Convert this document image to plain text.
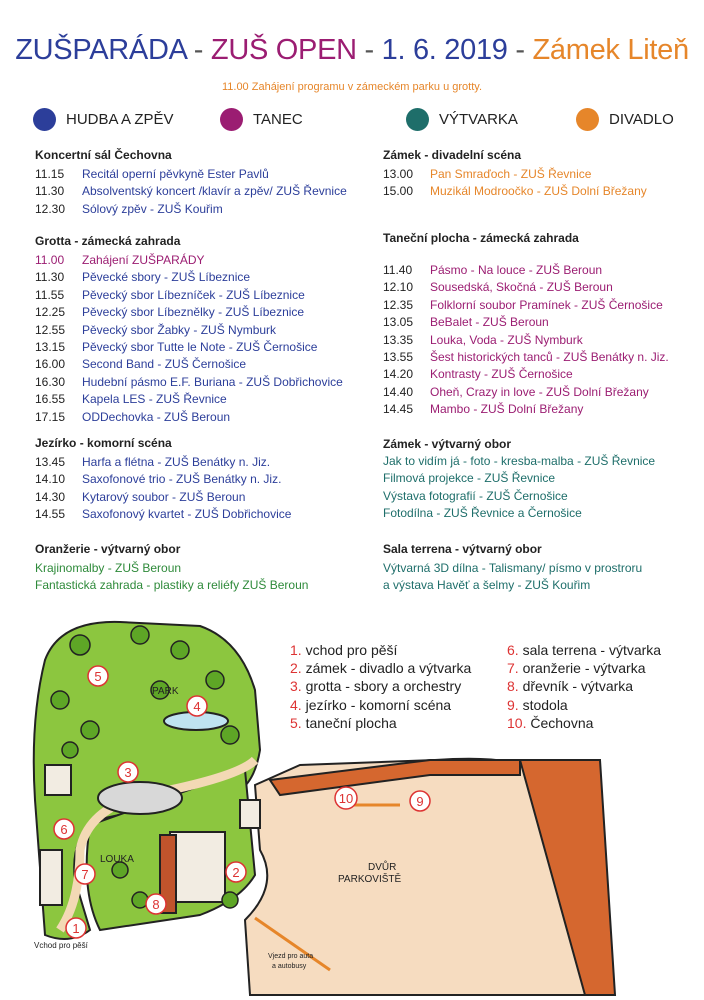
ZUŠPARÁDA - ZUŠ OPEN - 1. 6. 2019 - Zámek Liteň
11.00 Zahájení programu v zámeckém parku u grotty.
HUDBA A ZPĚV	TANEC	VÝTVARKA	DIVADLO
Koncertní sál Čechovna
11.15	Recitál operní pěvkyně Ester Pavlů
11.30	Absolventský koncert /klavír a zpěv/ ZUŠ Řevnice
12.30	Sólový zpěv - ZUŠ Kouřim
Grotta - zámecká zahrada
11.00	Zahájení ZUŠPARÁDY
11.30	Pěvecké sbory - ZUŠ Líbeznice
11.55	Pěvecký sbor Líbezníček - ZUŠ Líbeznice
12.25	Pěvecký sbor Líbeznělky - ZUŠ Líbeznice
12.55	Pěvecký sbor Žabky - ZUŠ Nymburk
13.15	Pěvecký sbor Tutte le Note - ZUŠ Černošice
16.00	Second Band - ZUŠ Černošice
16.30	Hudební pásmo E.F. Buriana - ZUŠ Dobřichovice
16.55	Kapela LES - ZUŠ Řevnice
17.15	ODDechovka - ZUŠ Beroun
Jezírko - komorní scéna
13.45	Harfa a flétna - ZUŠ Benátky n. Jiz.
14.10	Saxofonové trio - ZUŠ Benátky n. Jiz.
14.30	Kytarový soubor - ZUŠ Beroun
14.55	Saxofonový kvartet - ZUŠ Dobřichovice
Oranžerie - výtvarný obor
Krajinomalby - ZUŠ Beroun
Fantastická zahrada - plastiky a reliéfy ZUŠ Beroun
Zámek - divadelní scéna
13.00	Pan Smraďoch - ZUŠ Řevnice
15.00	Muzikál Modroočko - ZUŠ Dolní Břežany
Taneční plocha - zámecká zahrada
11.40	Pásmo - Na louce - ZUŠ Beroun
12.10	Sousedská, Skočná - ZUŠ Beroun
12.35	Folklorní soubor Pramínek - ZUŠ Černošice
13.05	BeBalet - ZUŠ Beroun
13.35	Louka, Voda - ZUŠ Nymburk
13.55	Šest historických tanců - ZUŠ Benátky n. Jiz.
14.20	Kontrasty - ZUŠ Černošice
14.40	Oheň, Crazy in love - ZUŠ Dolní Břežany
14.45	Mambo - ZUŠ Dolní Břežany
Zámek - výtvarný obor
Jak to vidím já - foto - kresba-malba - ZUŠ Řevnice
Filmová projekce - ZUŠ Řevnice
Výstava fotografií - ZUŠ Černošice
Fotodílna - ZUŠ Řevnice a Černošice
Sala terrena - výtvarný obor
Výtvarná 3D dílna - Talismany/ písmo v prostroru
a výstava Havěť a šelmy - ZUŠ Kouřim
1. vchod pro pěší
2. zámek - divadlo a výtvarka
3. grotta - sbory a orchestry
4. jezírko - komorní scéna
5. taneční plocha
6. sala terrena - výtvarka
7. oranžerie - výtvarka
8. dřevník - výtvarka
9. stodola
10. Čechovna
PARK
LOUKA
DVŮR
PARKOVIŠTĚ
Vchod pro pěší
Vjezd pro auta
a autobusy
1
2
3
4
5
6
7
8
9
10
